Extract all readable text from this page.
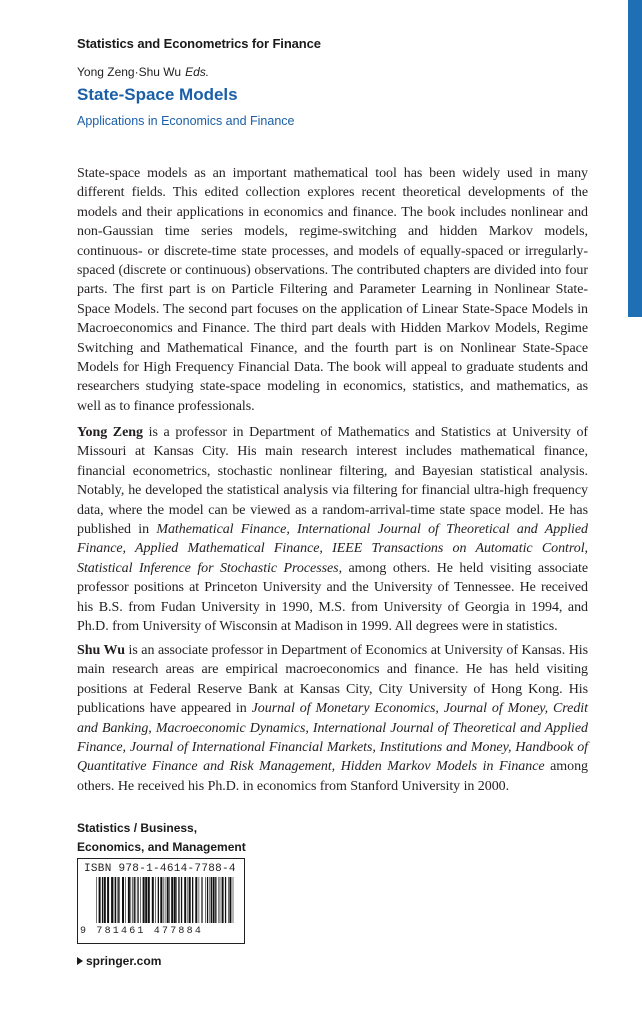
Statistics and Econometrics for Finance
Yong Zeng·Shu Wu Eds.
State-Space Models
Applications in Economics and Finance

State-space models as an important mathematical tool has been widely used in many different fields. This edited collection explores recent theoretical developments of the models and their applications in economics and finance. The book includes nonlinear and non-Gaussian time series models, regime-switching and hidden Markov models, continuous- or discrete-time state processes, and models of equally-spaced or irregularly-spaced (discrete or continuous) observations. The contributed chapters are divided into four parts. The first part is on Particle Filtering and Parameter Learning in Nonlinear State-Space Models. The second part focuses on the application of Linear State-Space Models in Macroeconomics and Finance. The third part deals with Hidden Markov Models, Regime Switching and Mathematical Finance, and the fourth part is on Nonlinear State-Space Models for High Frequency Financial Data. The book will appeal to graduate students and researchers studying state-space modeling in economics, statistics, and mathematics, as well as to finance professionals.

Yong Zeng is a professor in Department of Mathematics and Statistics at University of Missouri at Kansas City. His main research interest includes mathematical finance, financial econometrics, stochastic nonlinear filtering, and Bayesian statistical analysis. Notably, he developed the statistical analysis via filtering for financial ultra-high frequency data, where the model can be viewed as a random-arrival-time state space model. He has published in Mathematical Finance, International Journal of Theoretical and Applied Finance, Applied Mathematical Finance, IEEE Transactions on Automatic Control, Statistical Inference for Stochastic Processes, among others. He held visiting associate professor positions at Princeton University and the University of Tennessee. He received his B.S. from Fudan University in 1990, M.S. from University of Georgia in 1994, and Ph.D. from University of Wisconsin at Madison in 1999. All degrees were in statistics.

Shu Wu is an associate professor in Department of Economics at University of Kansas. His main research areas are empirical macroeconomics and finance. He has held visiting positions at Federal Reserve Bank at Kansas City, City University of Hong Kong. His publications have appeared in Journal of Monetary Economics, Journal of Money, Credit and Banking, Macroeconomic Dynamics, International Journal of Theoretical and Applied Finance, Journal of International Financial Markets, Institutions and Money, Handbook of Quantitative Finance and Risk Management, Hidden Markov Models in Finance among others. He received his Ph.D. in economics from Stanford University in 2000.

Statistics / Business,
Economics, and Management
ISBN 978-1-4614-7788-4
9 781461 477884
springer.com
